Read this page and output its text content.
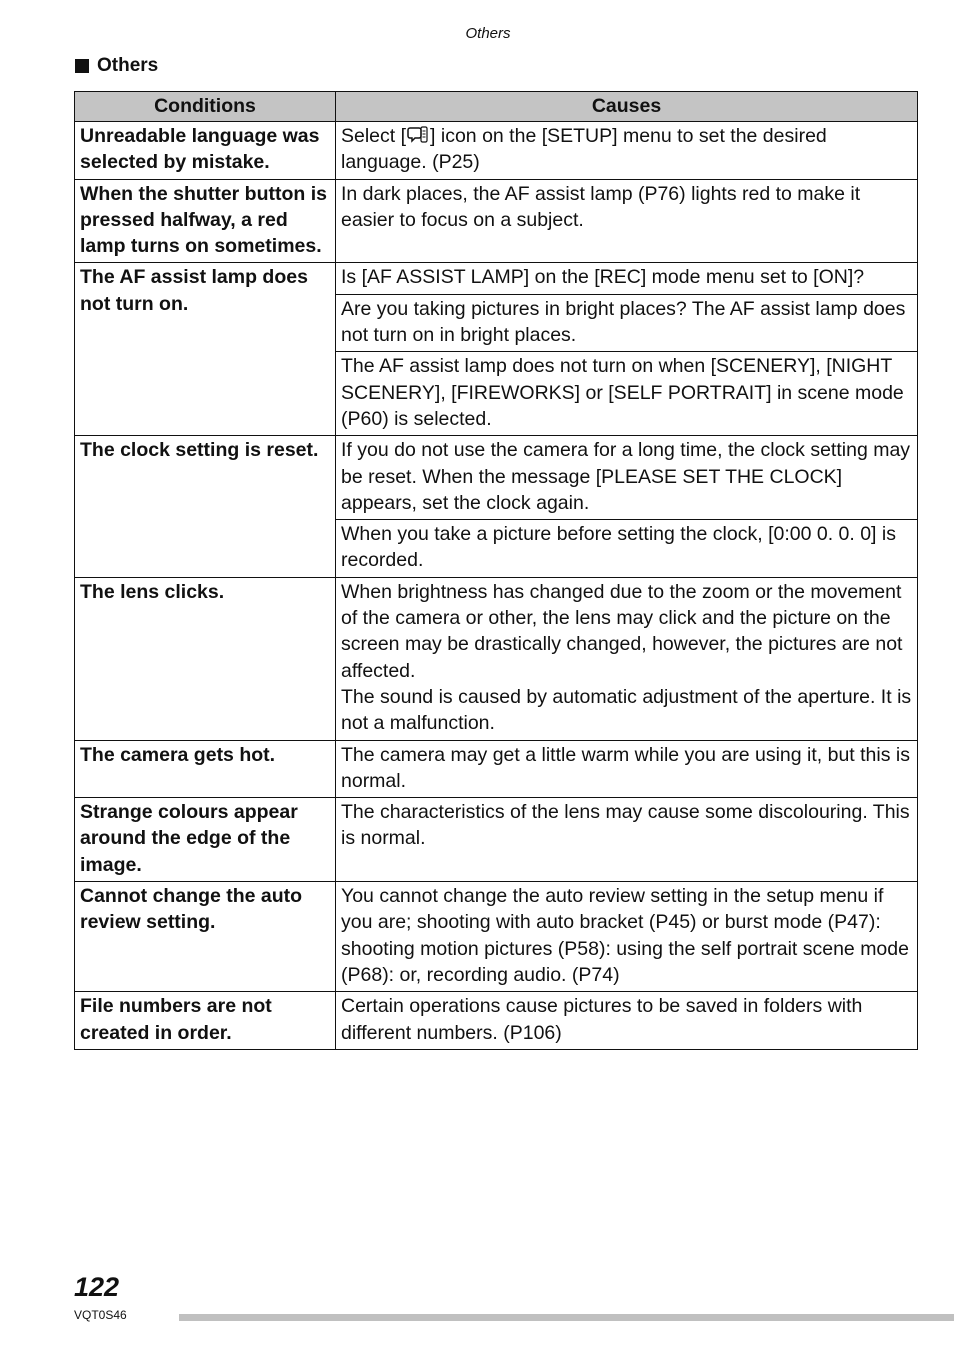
Others
Others
Conditions	Causes
Unreadable language was selected by mistake.	Select [ ] icon on the [SETUP] menu to set the desired language. (P25)
When the shutter button is pressed halfway, a red lamp turns on sometimes.	In dark places, the AF assist lamp (P76) lights red to make it easier to focus on a subject.
The AF assist lamp does not turn on.	Is [AF ASSIST LAMP] on the [REC] mode menu set to [ON]?
	Are you taking pictures in bright places? The AF assist lamp does not turn on in bright places.
	The AF assist lamp does not turn on when [SCENERY], [NIGHT SCENERY], [FIREWORKS] or [SELF PORTRAIT] in scene mode (P60) is selected.
The clock setting is reset.	If you do not use the camera for a long time, the clock setting may be reset. When the message [PLEASE SET THE CLOCK] appears, set the clock again.
	When you take a picture before setting the clock, [0:00 0. 0. 0] is recorded.
The lens clicks.	When brightness has changed due to the zoom or the movement of the camera or other, the lens may click and the picture on the screen may be drastically changed, however, the pictures are not affected.
The sound is caused by automatic adjustment of the aperture. It is not a malfunction.

The camera gets hot.	The camera may get a little warm while you are using it, but this is normal.
Strange colours appear around the edge of the image.	The characteristics of the lens may cause some discolouring. This is normal.
Cannot change the auto review setting.	You cannot change the auto review setting in the setup menu if you are; shooting with auto bracket (P45) or burst mode (P47): shooting motion pictures (P58): using the self portrait scene mode (P68): or, recording audio. (P74)
File numbers are not created in order.	Certain operations cause pictures to be saved in folders with different numbers. (P106)
122
VQT0S46
